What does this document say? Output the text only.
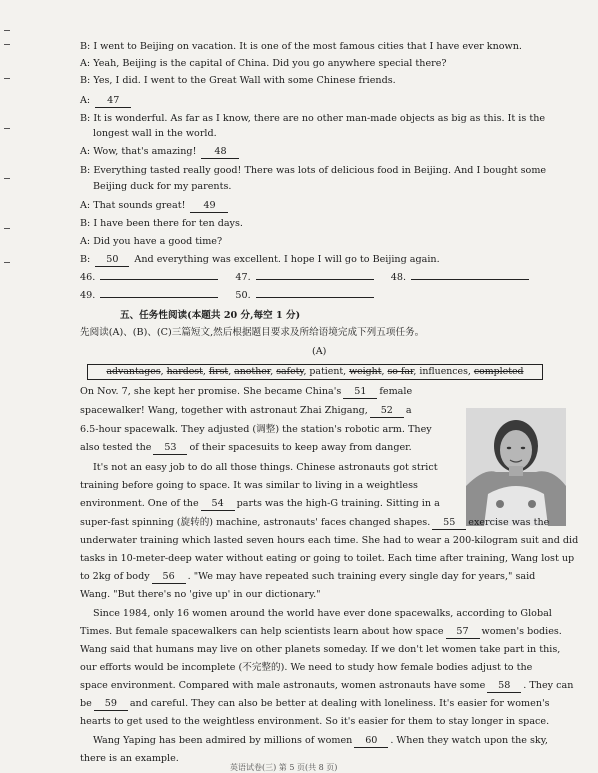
B: I went to Beijing on vacation. It is one of the most famous cities that I have ever known.
A: Yeah, Beijing is the capital of China. Did you go anywhere special there?
B: Yes, I did. I went to the Great Wall with some Chinese friends.
A: 47
B: It is wonderful. As far as I know, there are no other man-made objects as big as this. It is the
longest wall in the world.
A: Wow, that's amazing! 48
B: Everything tasted really good! There was lots of delicious food in Beijing. And I bought some
Beijing duck for my parents.
A: That sounds great! 49
B: I have been there for ten days.
A: Did you have a good time?
B: 50 And everything was excellent. I hope I will go to Beijing again.
46.	47.	48.
49.	50.
五、任务性阅读(本题共 20 分,每空 1 分)
先阅读(A)、(B)、(C)三篇短文,然后根据题目要求及所给语境完成下列五项任务。
(A)
advantages, hardest, first, another, safety, patient, weight, so far, influences, completed
On Nov. 7, she kept her promise. She became China's 51 female
spacewalker! Wang, together with astronaut Zhai Zhigang, 52 a
6.5-hour spacewalk. They adjusted (调整) the station's robotic arm. They
also tested the 53 of their spacesuits to keep away from danger.
It's not an easy job to do all those things. Chinese astronauts got strict
training before going to space. It was similar to living in a weightless
environment. One of the 54 parts was the high-G training. Sitting in a
super-fast spinning (旋转的) machine, astronauts' faces changed shapes. 55 exercise was the
underwater training which lasted seven hours each time. She had to wear a 200-kilogram suit and did
tasks in 10-meter-deep water without eating or going to toilet. Each time after training, Wang lost up
to 2kg of body 56 . "We may have repeated such training every single day for years," said
Wang. "But there's no 'give up' in our dictionary."
Since 1984, only 16 women around the world have ever done spacewalks, according to Global
Times. But female spacewalkers can help scientists learn about how space 57 women's bodies.
Wang said that humans may live on other planets someday. If we don't let women take part in this,
our efforts would be incomplete (不完整的). We need to study how female bodies adjust to the
space environment. Compared with male astronauts, women astronauts have some 58 . They can
be 59 and careful. They can also be better at dealing with loneliness. It's easier for women's
hearts to get used to the weightless environment. So it's easier for them to stay longer in space.
Wang Yaping has been admired by millions of women 60 . When they watch upon the sky,
there is an example.
英语试卷(三) 第 5 页(共 8 页)
